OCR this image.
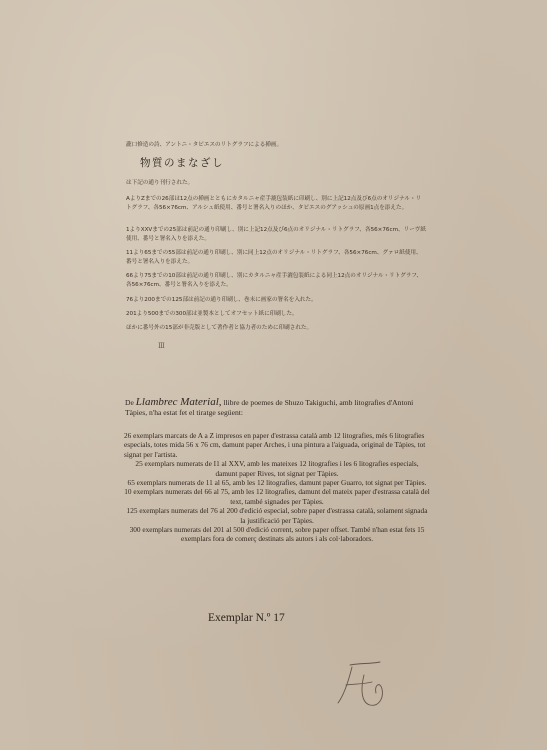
瀧口修造の詩、アントニ・タピエスのリトグラフによる挿画。
物質のまなざし
は下記の通り刊行された。
AよりZまでの26部は12点の挿画とともにカタルニャ産手漉包装紙に印刷し、別に上記12点及び6点のオリジナル・リトグラフ、各56×76cm、アルシュ紙使用、番号と署名入りのほか、タピエスのグアッシュの原画1点を添えた。
1よりⅩⅩⅤまでの25部は前記の通り印刷し、別に上記12点及び6点のオリジナル・リトグラフ、各56×76cm、リーヴ紙使用、番号と署名入りを添えた。
11より65までの55部は前記の通り印刷し、別に同上12点のオリジナル・リトグラフ、各56×76cm、グァロ紙使用、番号と署名入りを添えた。
66より75までの10部は前記の通り印刷し、別にカタルニャ産手漉包装紙による同上12点のオリジナル・リトグラフ、各56×76cm、番号と署名入りを添えた。
76より200までの125部は前記の通り印刷し、巻末に画家の署名を入れた。
201より500までの300部は並製本としてオフセット紙に印刷した。
ほかに番号外の15部が非売版として著作者と協力者のために印刷された。
Ⅲ
De Llambrec Material, llibre de poemes de Shuzo Takiguchi, amb litografies d'Antoni Tàpies, n'ha estat fet el tiratge següent:

26 exemplars marcats de A a Z impresos en paper d'estrassa català amb 12 litografies, més 6 litografies especials, totes mida 56 x 76 cm, damunt paper Arches, i una pintura a l'aiguada, original de Tàpies, tot signat per l'artista.

25 exemplars numerats de I1 al XXV, amb les mateixes 12 litografies i les 6 litografies especials, damunt paper Rives, tot signat per Tàpies.

65 exemplars numerats de 11 al 65, amb les 12 litografies, damunt paper Guarro, tot signat per Tàpies.

10 exemplars numerats del 66 al 75, amb les 12 litografies, damunt del mateix paper d'estrassa català del text, també signades per Tàpies.

125 exemplars numerats del 76 al 200 d'edició especial, sobre paper d'estrassa català, solament signada la justificació per Tàpies.

300 exemplars numerats del 201 al 500 d'edició corrent, sobre paper offset. També n'han estat fets 15 exemplars fora de comerç destinats als autors i als col·laboradors.

Exemplar N.º 17
